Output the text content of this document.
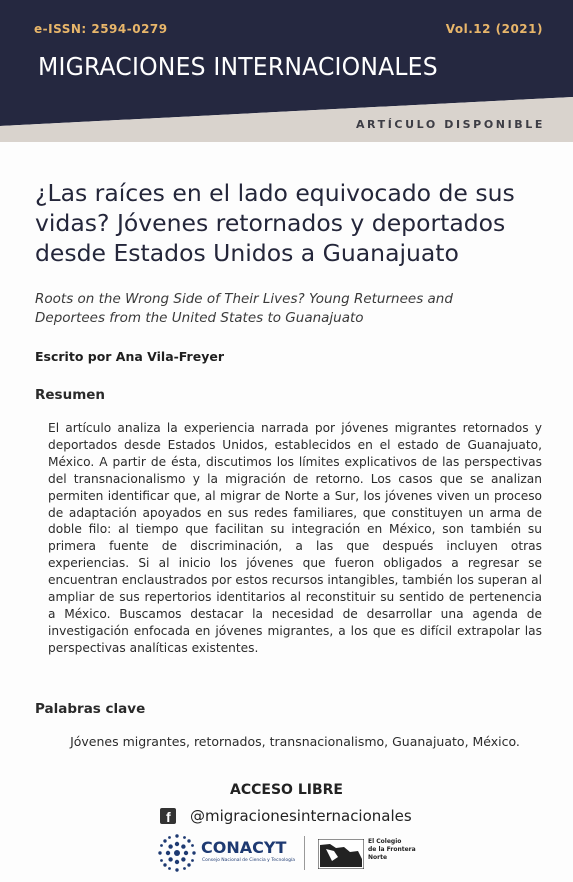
e-ISSN: 2594-0279	Vol.12 (2021)
MIGRACIONES INTERNACIONALES
ARTÍCULO DISPONIBLE
¿Las raíces en el lado equivocado de sus
vidas? Jóvenes retornados y deportados
desde Estados Unidos a Guanajuato
Roots on the Wrong Side of Their Lives? Young Returnees and
Deportees from the United States to Guanajuato
Escrito por Ana Vila-Freyer
Resumen
El artículo analiza la experiencia narrada por jóvenes migrantes retornados y deportados desde Estados Unidos, establecidos en el estado de Guanajuato, México. A partir de ésta, discutimos los límites explicativos de las perspectivas del transnacionalismo y la migración de retorno. Los casos que se analizan permiten identificar que, al migrar de Norte a Sur, los jóvenes viven un proceso de adaptación apoyados en sus redes familiares, que constituyen un arma de doble filo: al tiempo que facilitan su integración en México, son también su primera fuente de discriminación, a las que después incluyen otras experiencias. Si al inicio los jóvenes que fueron obligados a regresar se encuentran enclaustrados por estos recursos intangibles, también los superan al ampliar de sus repertorios identitarios al reconstituir su sentido de pertenencia a México. Buscamos destacar la necesidad de desarrollar una agenda de investigación enfocada en jóvenes migrantes, a los que es difícil extrapolar las perspectivas analíticas existentes.
Palabras clave
Jóvenes migrantes, retornados, transnacionalismo, Guanajuato, México.
ACCESO LIBRE
f @migracionesinternacionales
CONACYT
Consejo Nacional de Ciencia y Tecnología
El Colegio
de la Frontera
Norte
